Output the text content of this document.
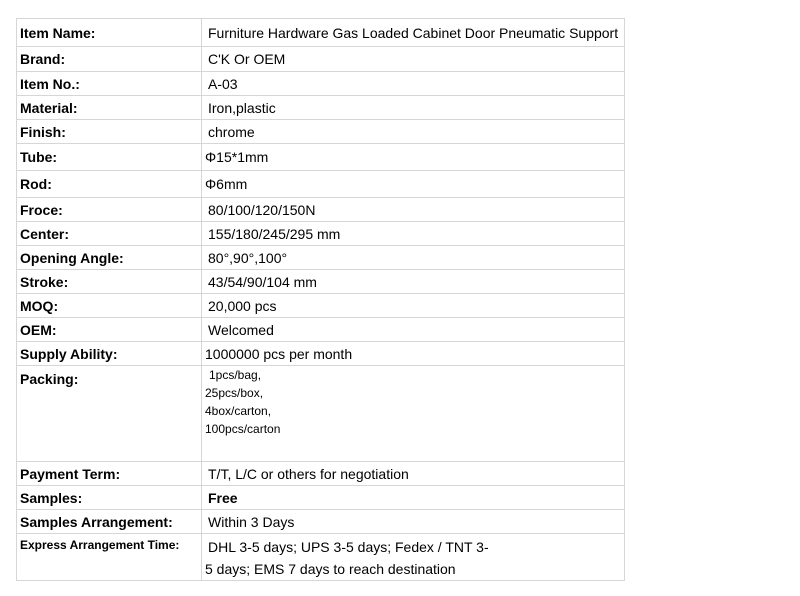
Item Name:	Furniture Hardware Gas Loaded Cabinet Door Pneumatic Support
Brand:	C'K Or OEM
Item No.:	A-03
Material:	Iron,plastic
Finish:	chrome
Tube:	Φ15*1mm
Rod:	Φ6mm
Froce:	80/100/120/150N
Center:	155/180/245/295 mm
Opening Angle:	80°,90°,100°
Stroke:	43/54/90/104 mm
MOQ:	20,000 pcs
OEM:	Welcomed
Supply Ability:	1000000 pcs per month
Packing:	1pcs/bag,
25pcs/box,
4box/carton,
100pcs/carton

Payment Term:	T/T, L/C or others for negotiation
Samples:	Free
Samples Arrangement:	Within 3 Days
Express Arrangement Time:	DHL 3-5 days; UPS 3-5 days; Fedex / TNT 3-
5 days; EMS 7 days to reach destination
